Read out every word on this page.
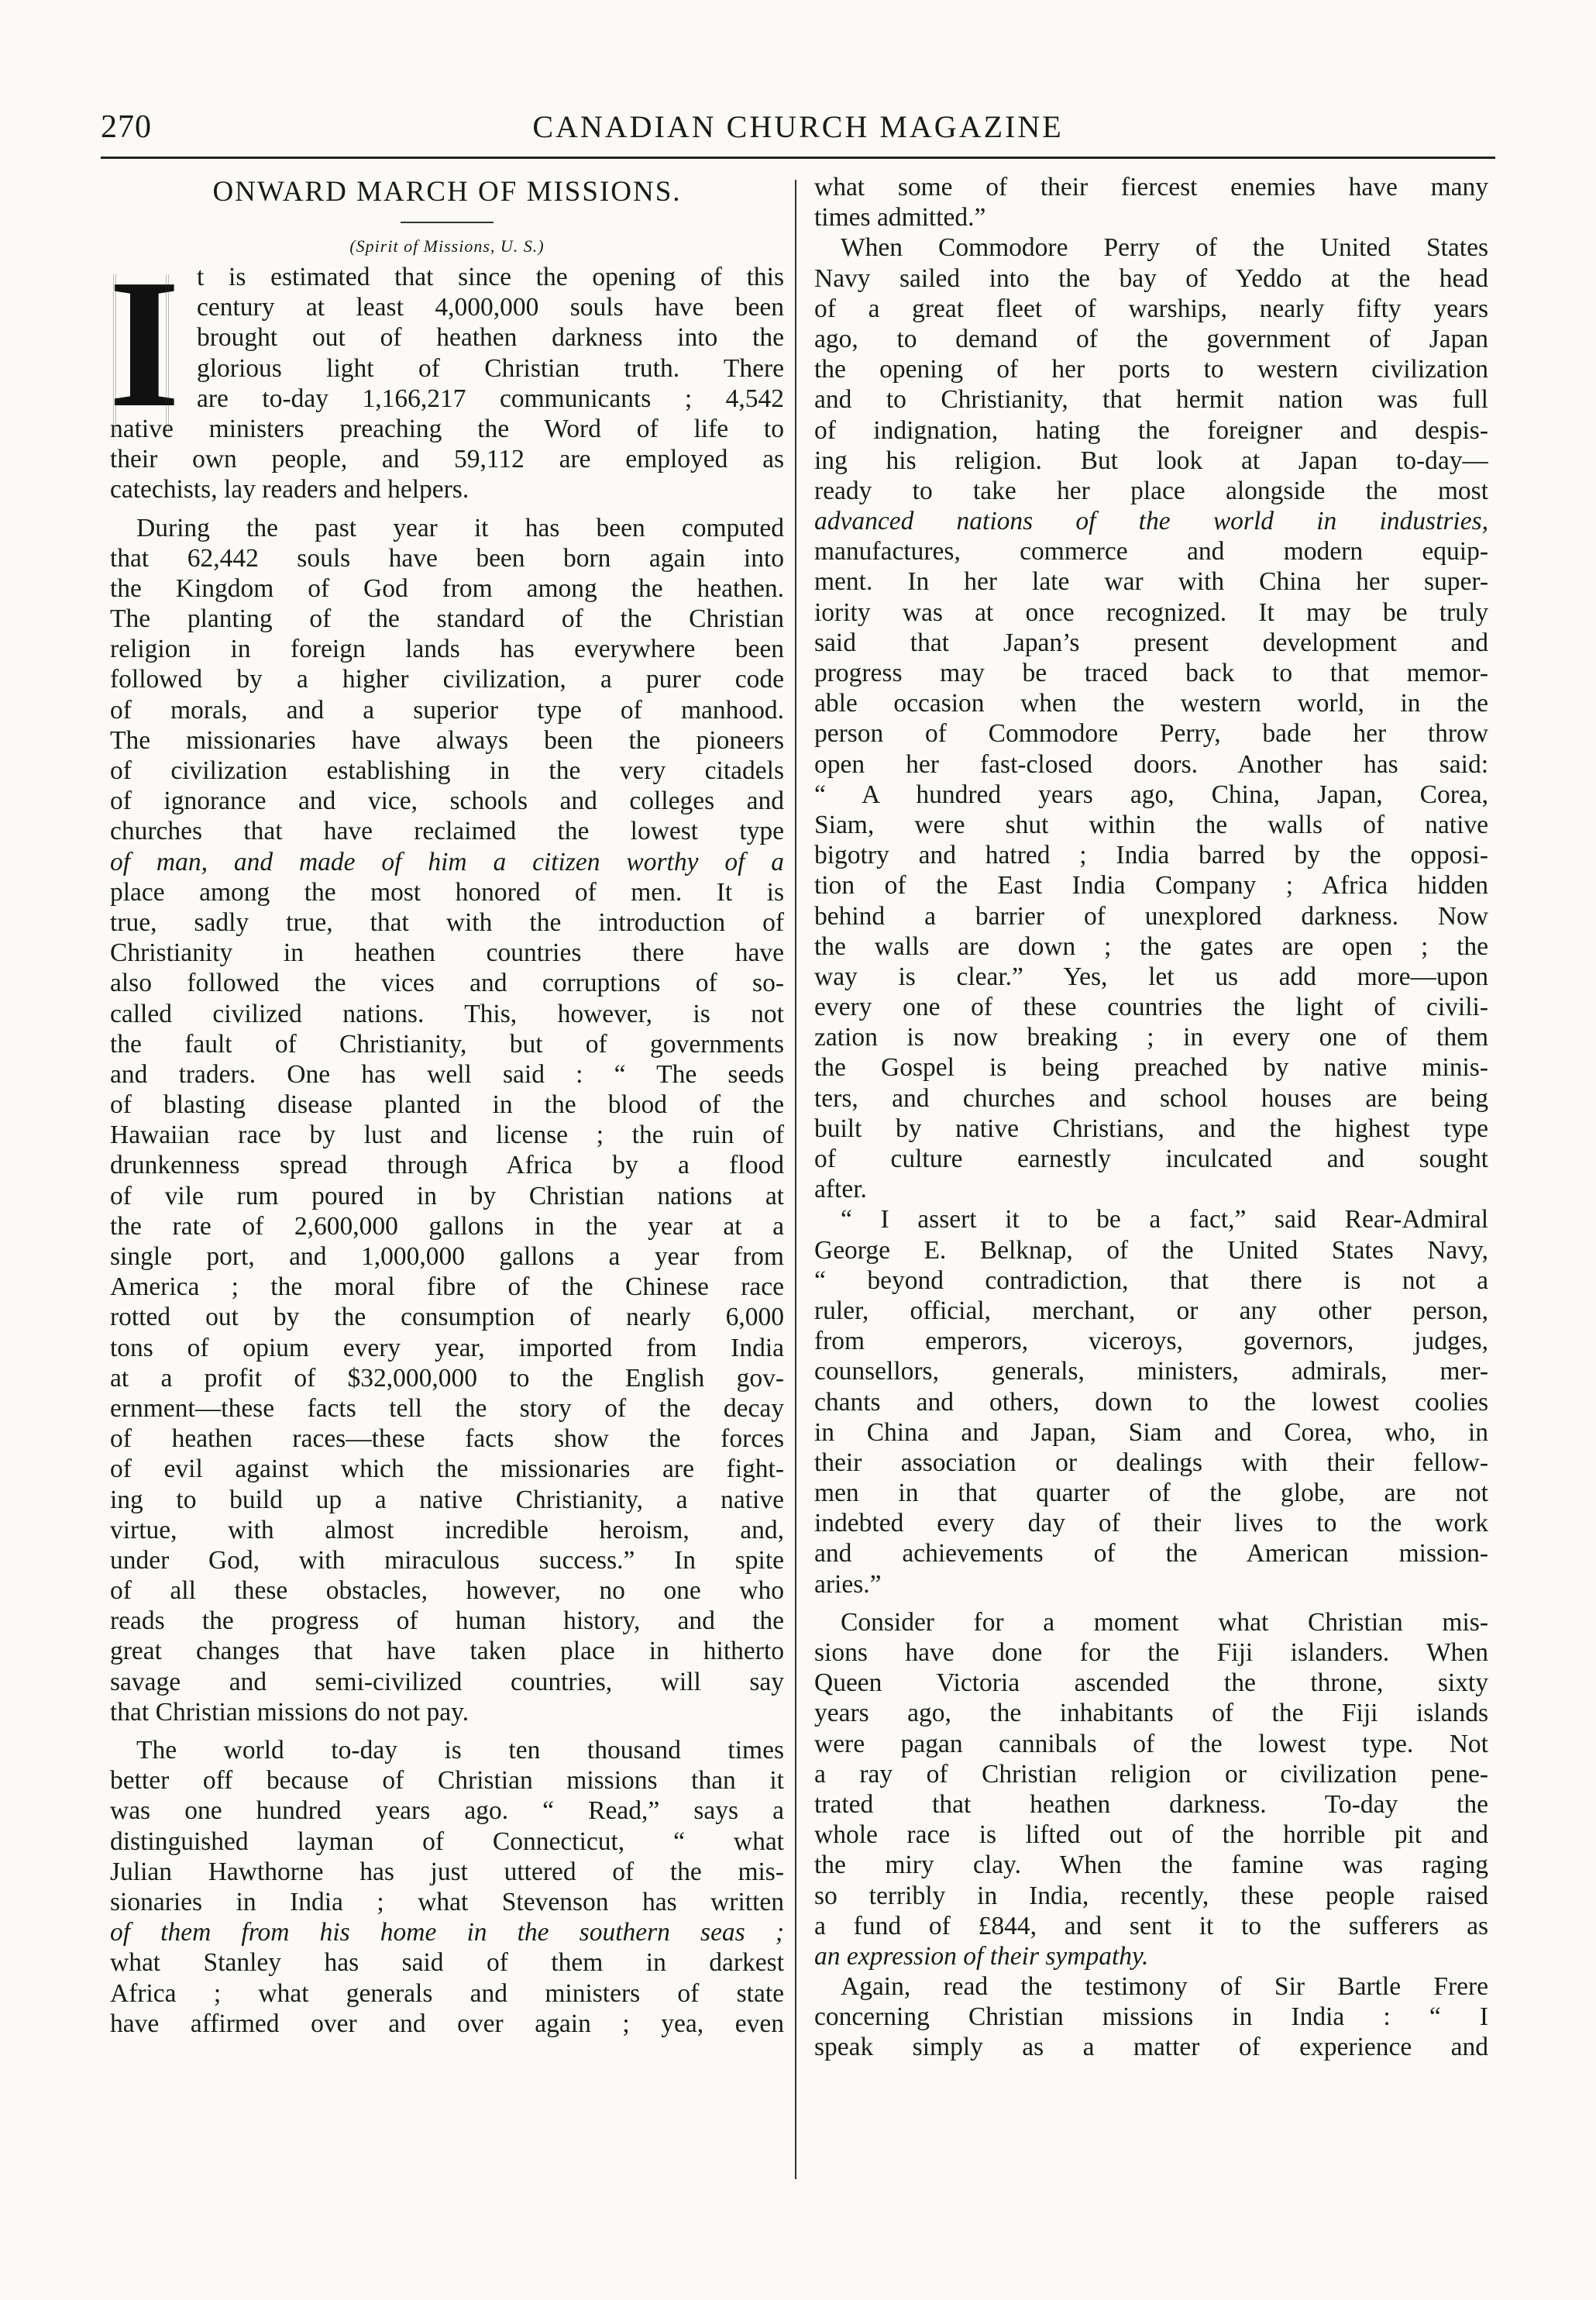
270	CANADIAN CHURCH MAGAZINE
ONWARD MARCH OF MISSIONS.
(Spirit of Missions, U. S.)
I t is estimated that since the opening of this
century at least 4,000,000 souls have been
brought out of heathen darkness into the
glorious light of Christian truth. There
are to-day 1,166,217 communicants ; 4,542
native ministers preaching the Word of life to
their own people, and 59,112 are employed as
catechists, lay readers and helpers.
During the past year it has been computed
that 62,442 souls have been born again into
the Kingdom of God from among the heathen.
The planting of the standard of the Christian
religion in foreign lands has everywhere been
followed by a higher civilization, a purer code
of morals, and a superior type of manhood.
The missionaries have always been the pioneers
of civilization establishing in the very citadels
of ignorance and vice, schools and colleges and
churches that have reclaimed the lowest type
of man, and made of him a citizen worthy of a
place among the most honored of men. It is
true, sadly true, that with the introduction of
Christianity in heathen countries there have
also followed the vices and corruptions of so-
called civilized nations. This, however, is not
the fault of Christianity, but of governments
and traders. One has well said : “ The seeds
of blasting disease planted in the blood of the
Hawaiian race by lust and license ; the ruin of
drunkenness spread through Africa by a flood
of vile rum poured in by Christian nations at
the rate of 2,600,000 gallons in the year at a
single port, and 1,000,000 gallons a year from
America ; the moral fibre of the Chinese race
rotted out by the consumption of nearly 6,000
tons of opium every year, imported from India
at a profit of $32,000,000 to the English gov-
ernment—these facts tell the story of the decay
of heathen races—these facts show the forces
of evil against which the missionaries are fight-
ing to build up a native Christianity, a native
virtue, with almost incredible heroism, and,
under God, with miraculous success.” In spite
of all these obstacles, however, no one who
reads the progress of human history, and the
great changes that have taken place in hitherto
savage and semi-civilized countries, will say
that Christian missions do not pay.
The world to-day is ten thousand times
better off because of Christian missions than it
was one hundred years ago. “ Read,” says a
distinguished layman of Connecticut, “ what
Julian Hawthorne has just uttered of the mis-
sionaries in India ; what Stevenson has written
of them from his home in the southern seas ;
what Stanley has said of them in darkest
Africa ; what generals and ministers of state
have affirmed over and over again ; yea, even
what some of their fiercest enemies have many
times admitted.”
When Commodore Perry of the United States
Navy sailed into the bay of Yeddo at the head
of a great fleet of warships, nearly fifty years
ago, to demand of the government of Japan
the opening of her ports to western civilization
and to Christianity, that hermit nation was full
of indignation, hating the foreigner and despis-
ing his religion. But look at Japan to-day—
ready to take her place alongside the most
advanced nations of the world in industries,
manufactures, commerce and modern equip-
ment. In her late war with China her super-
iority was at once recognized. It may be truly
said that Japan’s present development and
progress may be traced back to that memor-
able occasion when the western world, in the
person of Commodore Perry, bade her throw
open her fast-closed doors. Another has said:
“ A hundred years ago, China, Japan, Corea,
Siam, were shut within the walls of native
bigotry and hatred ; India barred by the opposi-
tion of the East India Company ; Africa hidden
behind a barrier of unexplored darkness. Now
the walls are down ; the gates are open ; the
way is clear.” Yes, let us add more—upon
every one of these countries the light of civili-
zation is now breaking ; in every one of them
the Gospel is being preached by native minis-
ters, and churches and school houses are being
built by native Christians, and the highest type
of culture earnestly inculcated and sought
after.
“ I assert it to be a fact,” said Rear-Admiral
George E. Belknap, of the United States Navy,
“ beyond contradiction, that there is not a
ruler, official, merchant, or any other person,
from emperors, viceroys, governors, judges,
counsellors, generals, ministers, admirals, mer-
chants and others, down to the lowest coolies
in China and Japan, Siam and Corea, who, in
their association or dealings with their fellow-
men in that quarter of the globe, are not
indebted every day of their lives to the work
and achievements of the American mission-
aries.”
Consider for a moment what Christian mis-
sions have done for the Fiji islanders. When
Queen Victoria ascended the throne, sixty
years ago, the inhabitants of the Fiji islands
were pagan cannibals of the lowest type. Not
a ray of Christian religion or civilization pene-
trated that heathen darkness. To-day the
whole race is lifted out of the horrible pit and
the miry clay. When the famine was raging
so terribly in India, recently, these people raised
a fund of £844, and sent it to the sufferers as
an expression of their sympathy.
Again, read the testimony of Sir Bartle Frere
concerning Christian missions in India : “ I
speak simply as a matter of experience and
